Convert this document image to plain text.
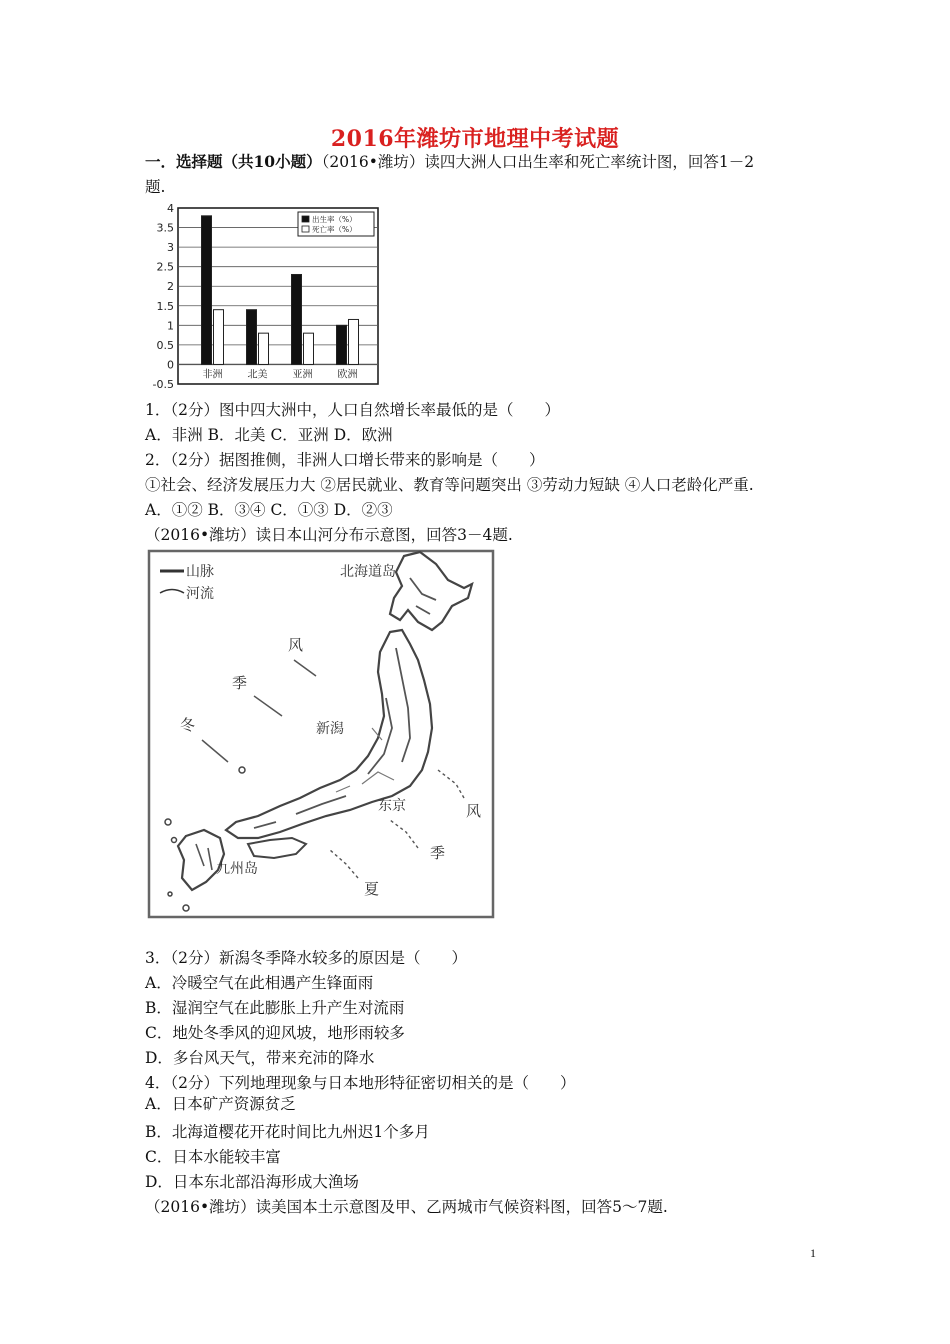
2016年潍坊市地理中考试题
一．选择题（共10小题）（2016•潍坊）读四大洲人口出生率和死亡率统计图，回答1－2
题.
4
3.5
3
2.5
2
1.5
1
0.5
0
-0.5
非洲	北美	亚洲	欧洲
出生率（%）
死亡率（%）
1．（2分）图中四大洲中，人口自然增长率最低的是（　　）
A．非洲 B．北美 C．亚洲 D．欧洲
2．（2分）据图推侧，非洲人口增长带来的影响是（　　）
①社会、经济发展压力大 ②居民就业、教育等问题突出 ③劳动力短缺 ④人口老龄化严重.
A．①② B．③④ C．①③ D．②③
（2016•潍坊）读日本山河分布示意图，回答3－4题.
山脉
河流
北海道岛
新潟
东京
九州岛
风
季
冬
风
季
夏
3．（2分）新潟冬季降水较多的原因是（　　）
A．冷暖空气在此相遇产生锋面雨
B．湿润空气在此膨胀上升产生对流雨
C．地处冬季风的迎风坡，地形雨较多
D．多台风天气，带来充沛的降水
4．（2分）下列地理现象与日本地形特征密切相关的是（　　）
A．日本矿产资源贫乏
B．北海道樱花开花时间比九州迟1个多月
C．日本水能较丰富
D．日本东北部沿海形成大渔场
（2016•潍坊）读美国本土示意图及甲、乙两城市气候资料图，回答5～7题.
1
